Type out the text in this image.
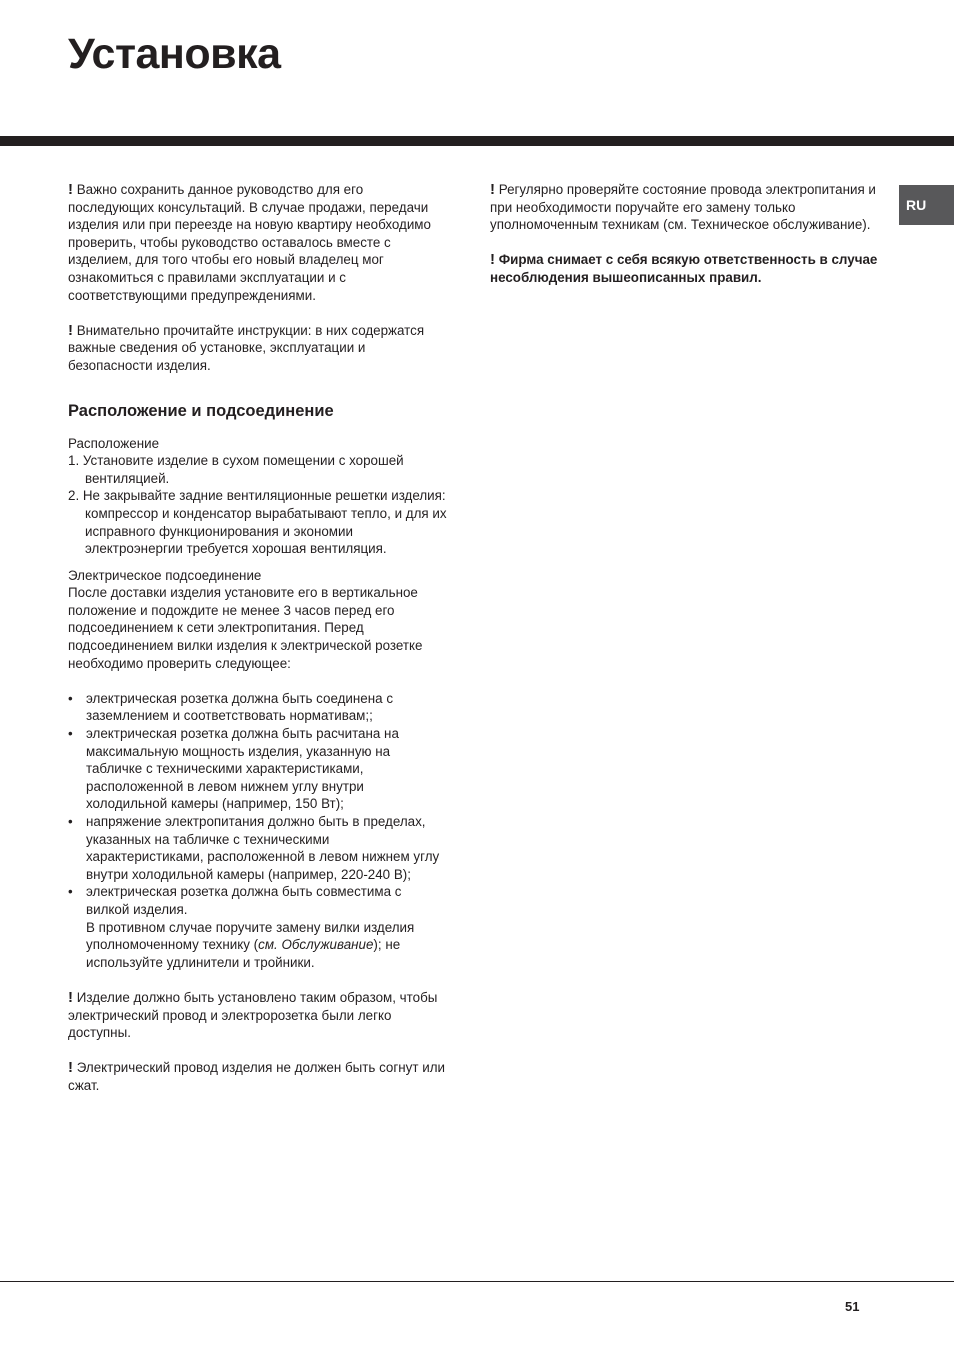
Установка
RU

! Важно сохранить данное руководство для его последующих консультаций. В случае продажи, передачи изделия или при переезде на новую квартиру необходимо проверить, чтобы руководство оставалось вместе с изделием, для того чтобы его новый владелец мог ознакомиться с правилами эксплуатации и с соответствующими предупреждениями.

! Внимательно прочитайте инструкции: в них содержатся важные сведения об установке, эксплуатации и безопасности изделия.

Расположение и подсоединение

Расположение

1. Установите изделие в сухом помещении с хорошей вентиляцией.
2. Не закрывайте задние вентиляционные решетки изделия: компрессор и конденсатор вырабатывают тепло, и для их исправного функционирования и экономии электроэнергии требуется хорошая вентиляция.

Электрическое подсоединение

После доставки изделия установите его в вертикальное положение и подождите не менее 3 часов перед его подсоединением к сети электропитания. Перед подсоединением вилки изделия к электрической розетке необходимо проверить следующее:

• электрическая розетка должна быть соединена с заземлением и соответствовать нормативам;;
• электрическая розетка должна быть расчитана на максимальную мощность изделия, указанную на табличке с техническими характеристиками, расположенной в левом нижнем углу внутри холодильной камеры (например, 150 Вт);
• напряжение электропитания должно быть в пределах, указанных на табличке с техническими характеристиками, расположенной в левом нижнем углу внутри холодильной камеры (например, 220-240 В);
• электрическая розетка должна быть совместима с вилкой изделия.
В противном случае поручите замену вилки изделия уполномоченному технику (см. Обслуживание); не используйте удлинители и тройники.

! Изделие должно быть установлено таким образом, чтобы электрический провод и электророзетка были легко доступны.

! Электрический провод изделия не должен быть согнут или сжат.

! Регулярно проверяйте состояние провода электропитания и при необходимости поручайте его замену только уполномоченным техникам (см. Техническое обслуживание).

! Фирма снимает с себя всякую ответственность в случае несоблюдения вышеописанных правил.

51
